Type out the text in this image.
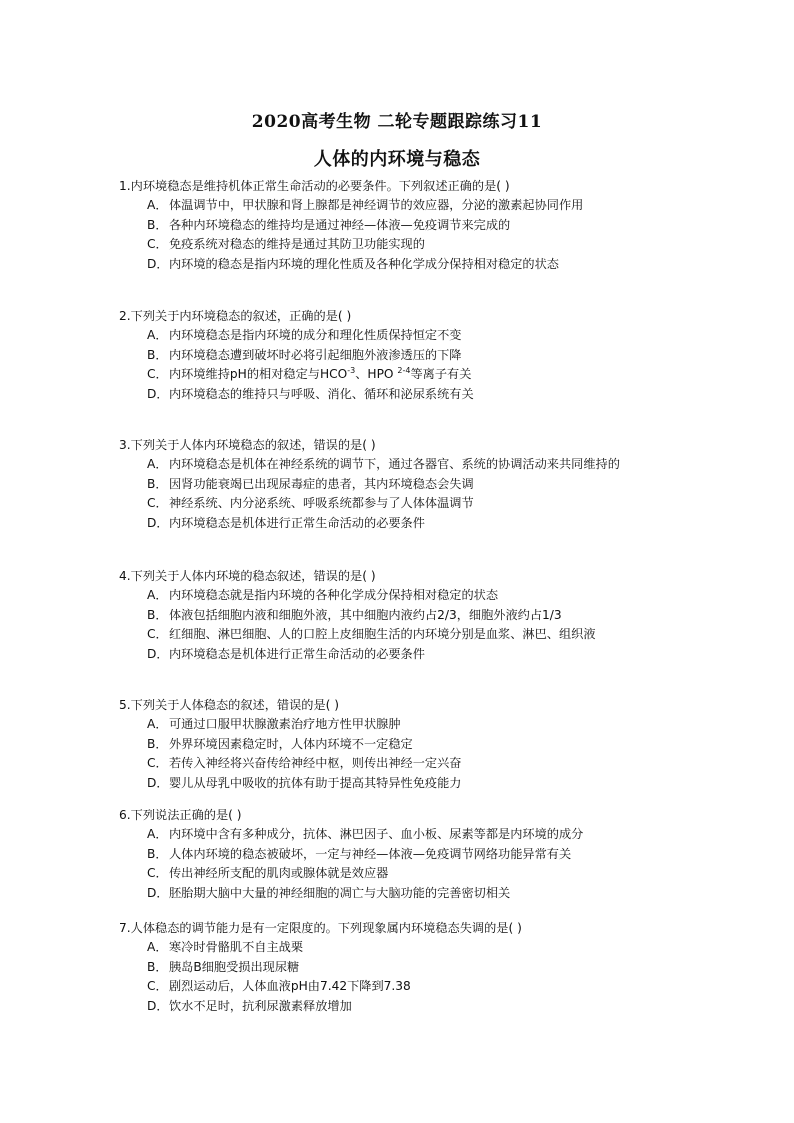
2020高考生物 二轮专题跟踪练习11
人体的内环境与稳态
1.内环境稳态是维持机体正常生命活动的必要条件。下列叙述正确的是( )
A．体温调节中，甲状腺和肾上腺都是神经调节的效应器，分泌的激素起协同作用
B．各种内环境稳态的维持均是通过神经—体液—免疫调节来完成的
C．免疫系统对稳态的维持是通过其防卫功能实现的
D．内环境的稳态是指内环境的理化性质及各种化学成分保持相对稳定的状态
2.下列关于内环境稳态的叙述，正确的是( )
A．内环境稳态是指内环境的成分和理化性质保持恒定不变
B．内环境稳态遭到破坏时必将引起细胞外液渗透压的下降
C．内环境维持pH的相对稳定与$HCO^{-3}$、HPO $^{2-4}$等离子有关
D．内环境稳态的维持只与呼吸、消化、循环和泌尿系统有关
3.下列关于人体内环境稳态的叙述，错误的是( )
A．内环境稳态是机体在神经系统的调节下，通过各器官、系统的协调活动来共同维持的
B．因肾功能衰竭已出现尿毒症的患者，其内环境稳态会失调
C．神经系统、内分泌系统、呼吸系统都参与了人体体温调节
D．内环境稳态是机体进行正常生命活动的必要条件
4.下列关于人体内环境的稳态叙述，错误的是( )
A．内环境稳态就是指内环境的各种化学成分保持相对稳定的状态
B．体液包括细胞内液和细胞外液，其中细胞内液约占2/3，细胞外液约占1/3
C．红细胞、淋巴细胞、人的口腔上皮细胞生活的内环境分别是血浆、淋巴、组织液
D．内环境稳态是机体进行正常生命活动的必要条件
5.下列关于人体稳态的叙述，错误的是( )
A．可通过口服甲状腺激素治疗地方性甲状腺肿
B．外界环境因素稳定时，人体内环境不一定稳定
C．若传入神经将兴奋传给神经中枢，则传出神经一定兴奋
D．婴儿从母乳中吸收的抗体有助于提高其特异性免疫能力
6.下列说法正确的是( )
A．内环境中含有多种成分，抗体、淋巴因子、血小板、尿素等都是内环境的成分
B．人体内环境的稳态被破坏，一定与神经—体液—免疫调节网络功能异常有关
C．传出神经所支配的肌肉或腺体就是效应器
D．胚胎期大脑中大量的神经细胞的凋亡与大脑功能的完善密切相关
7.人体稳态的调节能力是有一定限度的。下列现象属内环境稳态失调的是( )
A．寒冷时骨骼肌不自主战栗
B．胰岛B细胞受损出现尿糖
C．剧烈运动后，人体血液pH由7.42下降到7.38
D．饮水不足时，抗利尿激素释放增加
